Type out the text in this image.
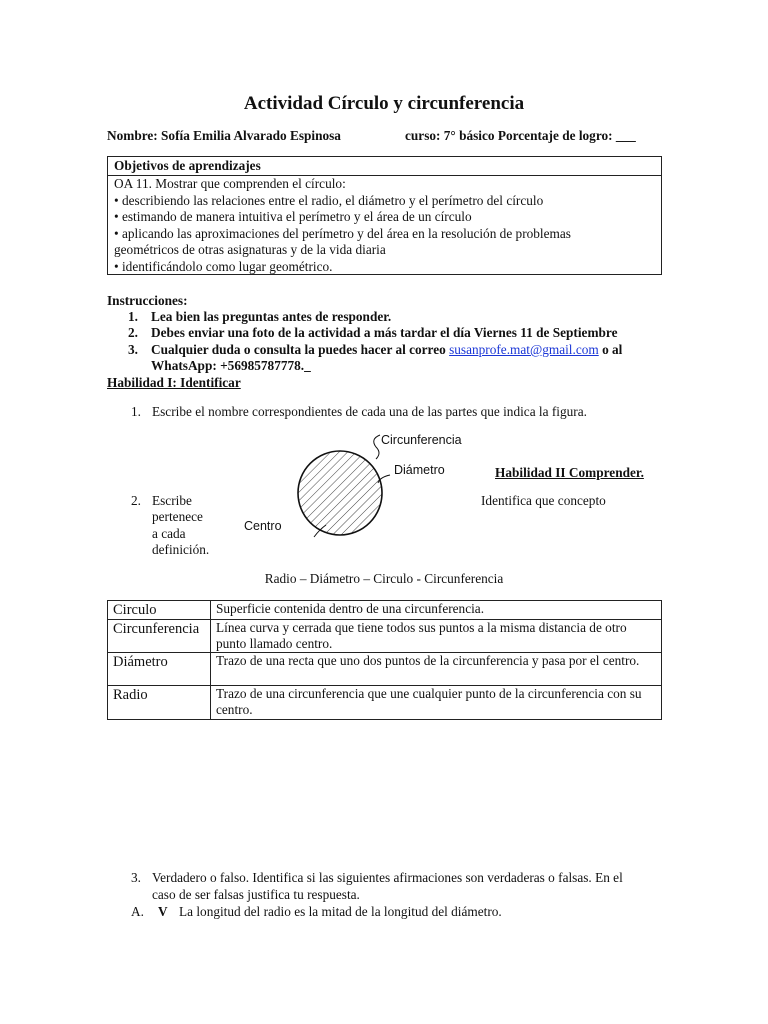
Actividad Círculo y circunferencia
Nombre: Sofía Emilia Alvarado Espinosa	curso: 7° básico Porcentaje de logro: ___
Objetivos de aprendizajes
OA 11. Mostrar que comprenden el círculo:
• describiendo las relaciones entre el radio, el diámetro y el perímetro del círculo
• estimando de manera intuitiva el perímetro y el área de un círculo
• aplicando las aproximaciones del perímetro y del área en la resolución de problemas
geométricos de otras asignaturas y de la vida diaria
• identificándolo como lugar geométrico.
Instrucciones:
1. Lea bien las preguntas antes de responder.
2. Debes enviar una foto de la actividad a más tardar el día Viernes 11 de Septiembre
3. Cualquier duda o consulta la puedes hacer al correo susanprofe.mat@gmail.com o al
WhatsApp: +56985787778._
Habilidad I: Identificar
1. Escribe el nombre correspondientes de cada una de las partes que indica la figura.
Circunferencia
Diámetro
Centro
Habilidad II Comprender.
Identifica que concepto
2. Escribe
pertenece
a cada
definición.
Radio – Diámetro – Circulo - Circunferencia
Circulo	Superficie contenida dentro de una circunferencia.
Circunferencia	Línea curva y cerrada que tiene todos sus puntos a la misma distancia de otro punto llamado centro.
Diámetro	Trazo de una recta que uno dos puntos de la circunferencia y pasa por el centro.
Radio	Trazo de una circunferencia que une cualquier punto de la circunferencia con su centro.
3. Verdadero o falso. Identifica si las siguientes afirmaciones son verdaderas o falsas. En el
caso de ser falsas justifica tu respuesta.
A. V La longitud del radio es la mitad de la longitud del diámetro.
